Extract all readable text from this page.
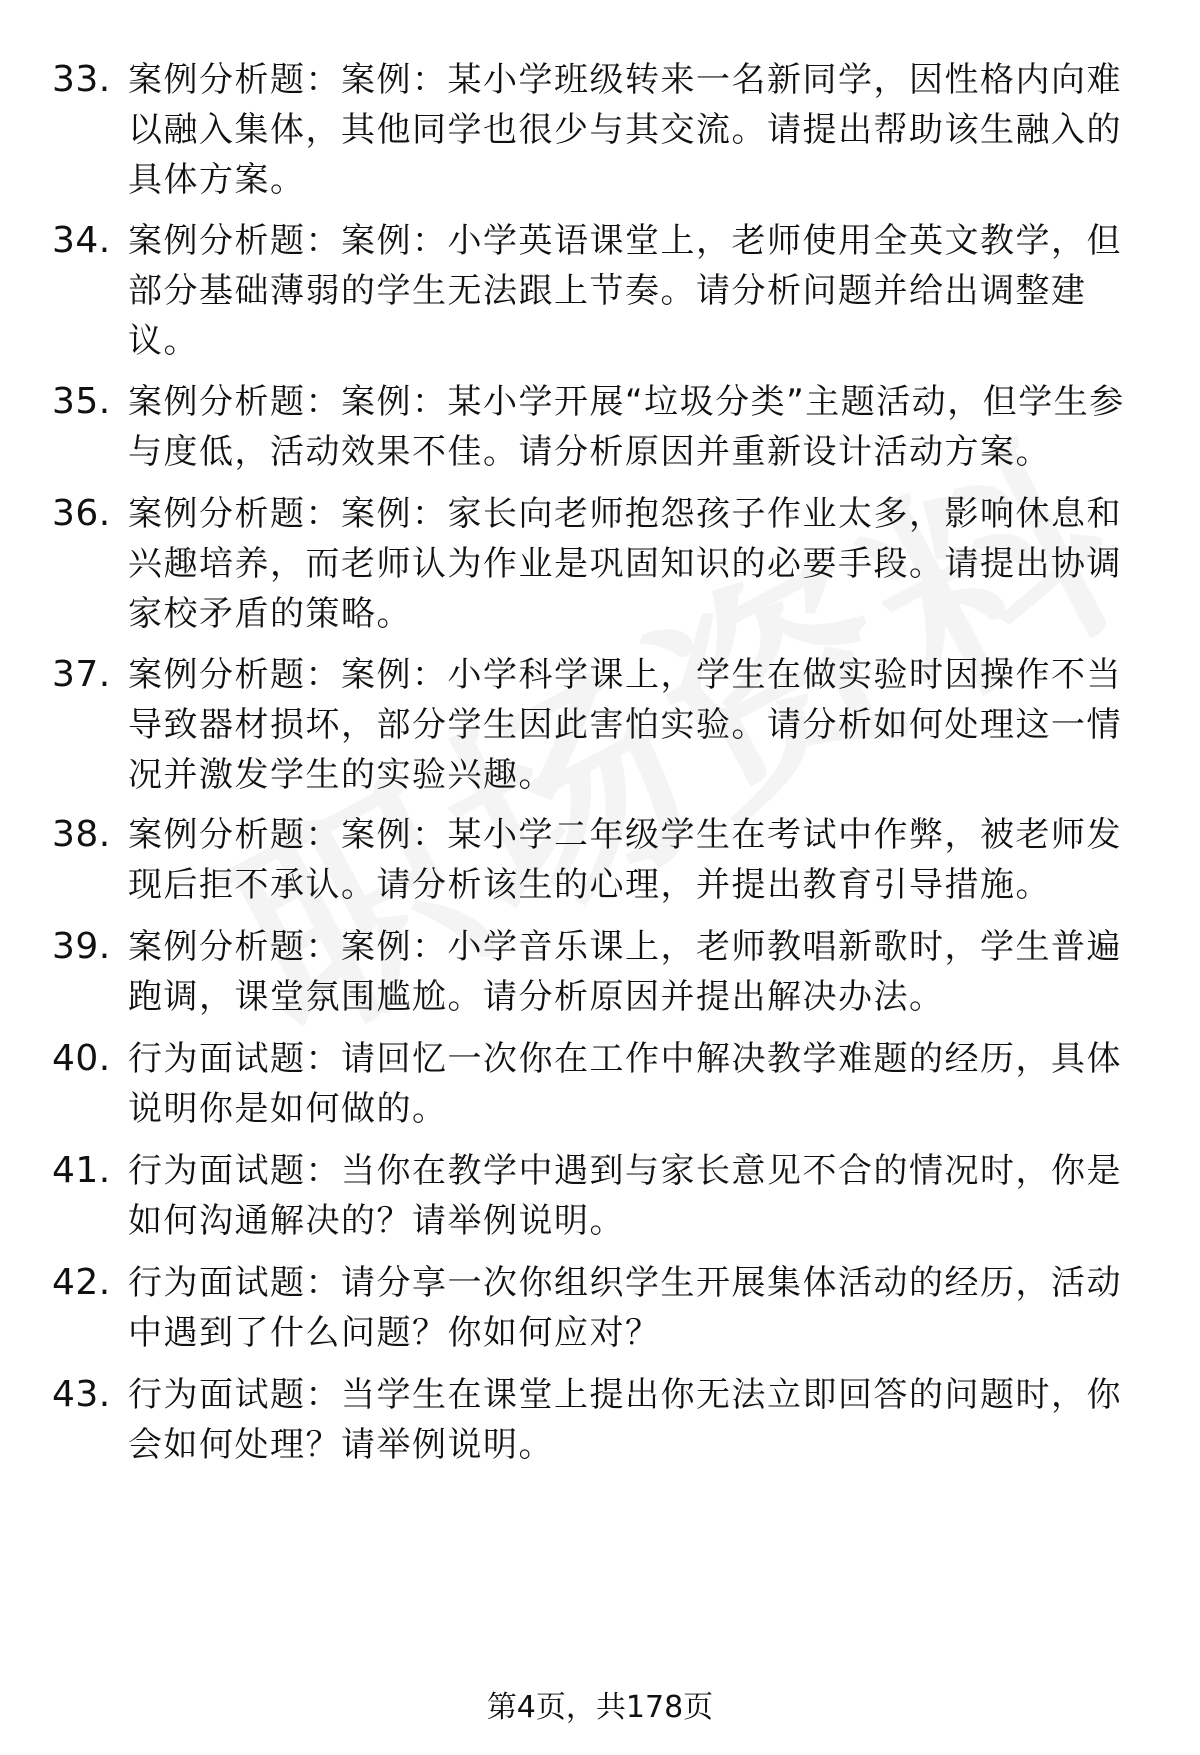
33. 案例分析题：案例：某小学班级转来一名新同学，因性格内向难以融入集体，其他同学也很少与其交流。请提出帮助该生融入的具体方案。
34. 案例分析题：案例：小学英语课堂上，老师使用全英文教学，但部分基础薄弱的学生无法跟上节奏。请分析问题并给出调整建议。
35. 案例分析题：案例：某小学开展“垃圾分类”主题活动，但学生参与度低，活动效果不佳。请分析原因并重新设计活动方案。
36. 案例分析题：案例：家长向老师抱怨孩子作业太多，影响休息和兴趣培养，而老师认为作业是巩固知识的必要手段。请提出协调家校矛盾的策略。
37. 案例分析题：案例：小学科学课上，学生在做实验时因操作不当导致器材损坏，部分学生因此害怕实验。请分析如何处理这一情况并激发学生的实验兴趣。
38. 案例分析题：案例：某小学二年级学生在考试中作弊，被老师发现后拒不承认。请分析该生的心理，并提出教育引导措施。
39. 案例分析题：案例：小学音乐课上，老师教唱新歌时，学生普遍跑调，课堂氛围尴尬。请分析原因并提出解决办法。
40. 行为面试题：请回忆一次你在工作中解决教学难题的经历，具体说明你是如何做的。
41. 行为面试题：当你在教学中遇到与家长意见不合的情况时，你是如何沟通解决的？请举例说明。
42. 行为面试题：请分享一次你组织学生开展集体活动的经历，活动中遇到了什么问题？你如何应对？
43. 行为面试题：当学生在课堂上提出你无法立即回答的问题时，你会如何处理？请举例说明。
第4页，共178页
